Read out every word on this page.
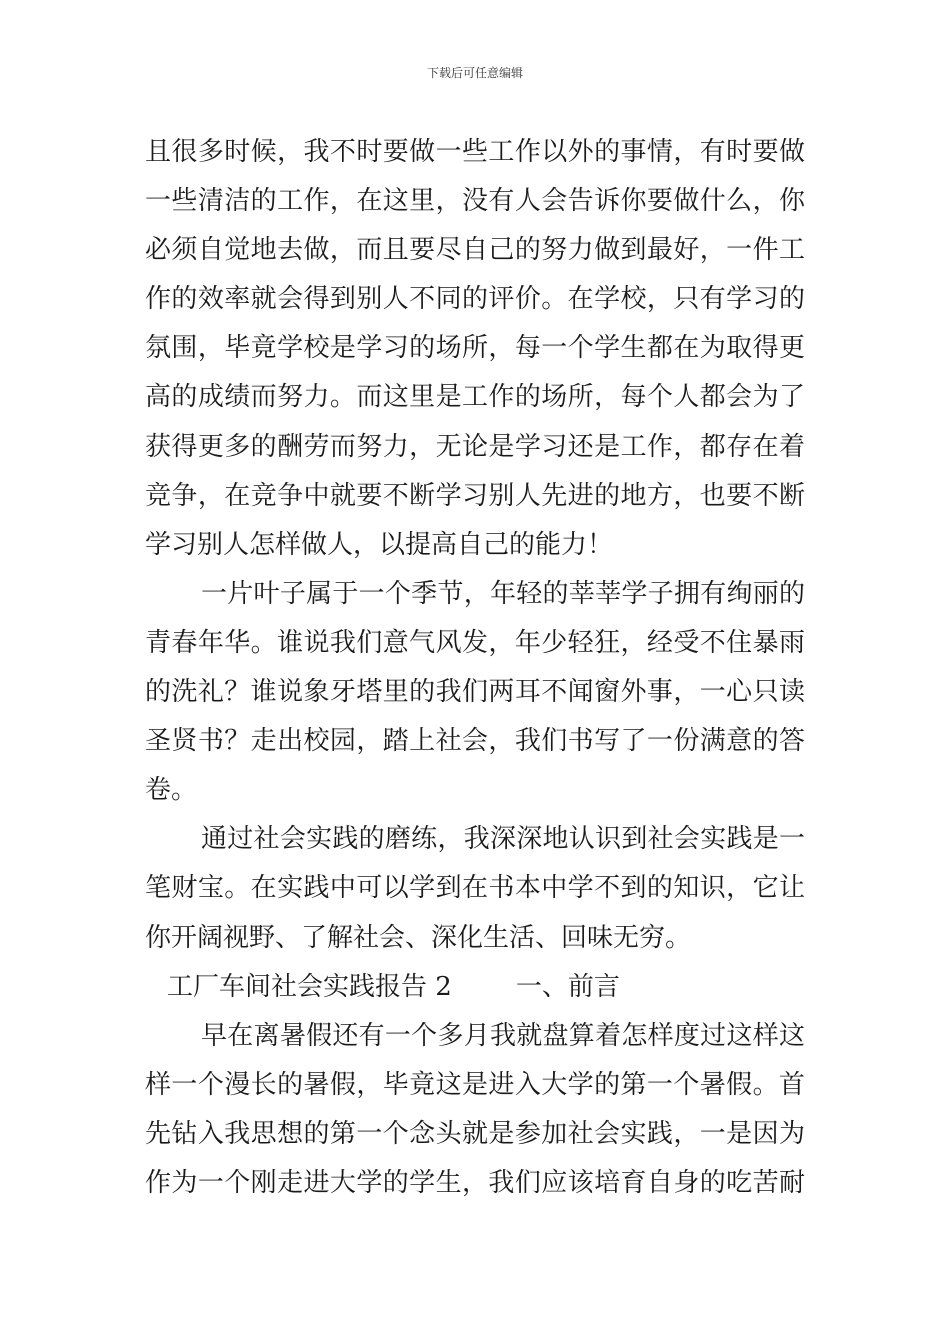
下载后可任意编辑
且很多时候，我不时要做一些工作以外的事情，有时要做
一些清洁的工作，在这里，没有人会告诉你要做什么，你
必须自觉地去做，而且要尽自己的努力做到最好，一件工
作的效率就会得到别人不同的评价。在学校，只有学习的
氛围，毕竟学校是学习的场所，每一个学生都在为取得更
高的成绩而努力。而这里是工作的场所，每个人都会为了
获得更多的酬劳而努力，无论是学习还是工作，都存在着
竞争，在竞争中就要不断学习别人先进的地方，也要不断
学习别人怎样做人，以提高自己的能力！
一片叶子属于一个季节，年轻的莘莘学子拥有绚丽的
青春年华。谁说我们意气风发，年少轻狂，经受不住暴雨
的洗礼？谁说象牙塔里的我们两耳不闻窗外事，一心只读
圣贤书？走出校园，踏上社会，我们书写了一份满意的答
卷。
通过社会实践的磨练，我深深地认识到社会实践是一
笔财宝。在实践中可以学到在书本中学不到的知识，它让
你开阔视野、了解社会、深化生活、回味无穷。
工厂车间社会实践报告 2 一、前言
早在离暑假还有一个多月我就盘算着怎样度过这样这
样一个漫长的暑假，毕竟这是进入大学的第一个暑假。首
先钻入我思想的第一个念头就是参加社会实践，一是因为
作为一个刚走进大学的学生，我们应该培育自身的吃苦耐
